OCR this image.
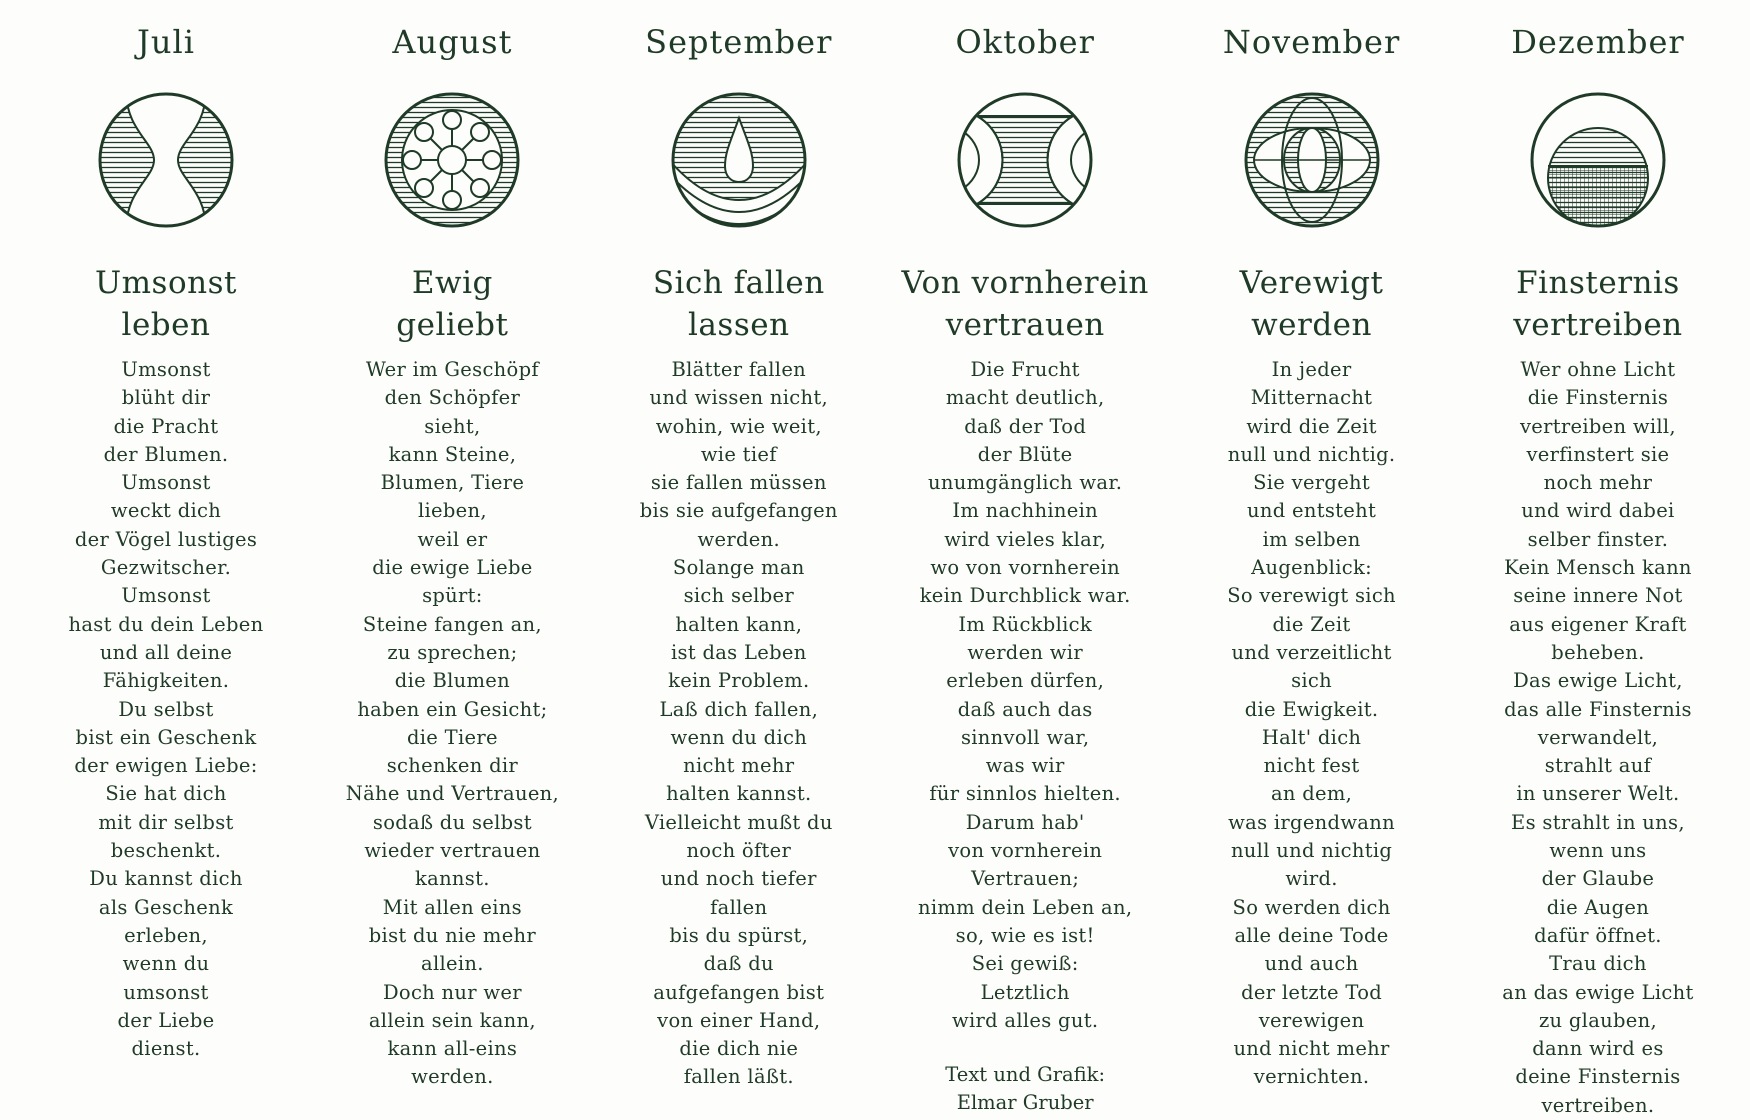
Juli
Umsonst
leben
Umsonst
blüht dir
die Pracht
der Blumen.
Umsonst
weckt dich
der Vögel lustiges
Gezwitscher.
Umsonst
hast du dein Leben
und all deine
Fähigkeiten.
Du selbst
bist ein Geschenk
der ewigen Liebe:
Sie hat dich
mit dir selbst
beschenkt.
Du kannst dich
als Geschenk
erleben,
wenn du
umsonst
der Liebe
dienst.
August
Ewig
geliebt
Wer im Geschöpf
den Schöpfer
sieht,
kann Steine,
Blumen, Tiere
lieben,
weil er
die ewige Liebe
spürt:
Steine fangen an,
zu sprechen;
die Blumen
haben ein Gesicht;
die Tiere
schenken dir
Nähe und Vertrauen,
sodaß du selbst
wieder vertrauen
kannst.
Mit allen eins
bist du nie mehr
allein.
Doch nur wer
allein sein kann,
kann all-eins
werden.
September
Sich fallen
lassen
Blätter fallen
und wissen nicht,
wohin, wie weit,
wie tief
sie fallen müssen
bis sie aufgefangen
werden.
Solange man
sich selber
halten kann,
ist das Leben
kein Problem.
Laß dich fallen,
wenn du dich
nicht mehr
halten kannst.
Vielleicht mußt du
noch öfter
und noch tiefer
fallen
bis du spürst,
daß du
aufgefangen bist
von einer Hand,
die dich nie
fallen läßt.
Oktober
Von vornherein
vertrauen
Die Frucht
macht deutlich,
daß der Tod
der Blüte
unumgänglich war.
Im nachhinein
wird vieles klar,
wo von vornherein
kein Durchblick war.
Im Rückblick
werden wir
erleben dürfen,
daß auch das
sinnvoll war,
was wir
für sinnlos hielten.
Darum hab'
von vornherein
Vertrauen;
nimm dein Leben an,
so, wie es ist!
Sei gewiß:
Letztlich
wird alles gut.
Text und Grafik:
Elmar Gruber
November
Verewigt
werden
In jeder
Mitternacht
wird die Zeit
null und nichtig.
Sie vergeht
und entsteht
im selben
Augenblick:
So verewigt sich
die Zeit
und verzeitlicht
sich
die Ewigkeit.
Halt' dich
nicht fest
an dem,
was irgendwann
null und nichtig
wird.
So werden dich
alle deine Tode
und auch
der letzte Tod
verewigen
und nicht mehr
vernichten.
Dezember
Finsternis
vertreiben
Wer ohne Licht
die Finsternis
vertreiben will,
verfinstert sie
noch mehr
und wird dabei
selber finster.
Kein Mensch kann
seine innere Not
aus eigener Kraft
beheben.
Das ewige Licht,
das alle Finsternis
verwandelt,
strahlt auf
in unserer Welt.
Es strahlt in uns,
wenn uns
der Glaube
die Augen
dafür öffnet.
Trau dich
an das ewige Licht
zu glauben,
dann wird es
deine Finsternis
vertreiben.
